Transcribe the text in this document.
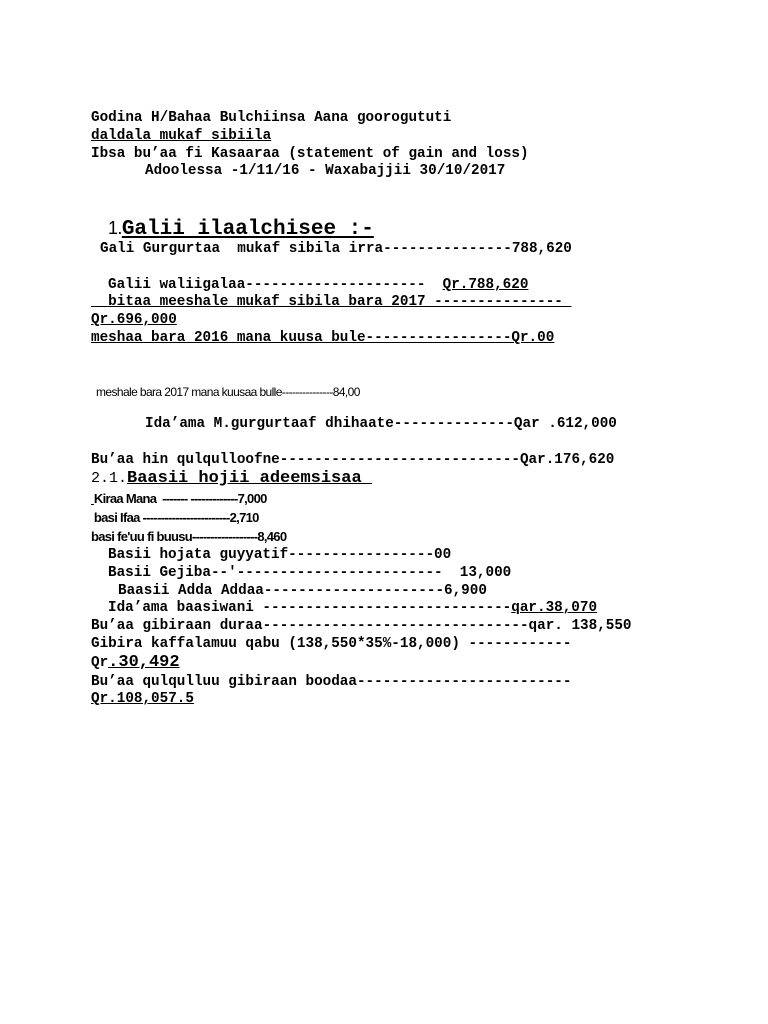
Godina H/Bahaa Bulchiinsa Aana goorogututi
daldala mukaf sibiila
Ibsa bu’aa fi Kasaaraa (statement of gain and loss)
Adoolessa -1/11/16 - Waxabajjii 30/10/2017
1.Galii ilaalchisee :-
Gali Gurgurtaa  mukaf sibila irra---------------788,620
Galii waliigalaa---------------------  Qr.788,620
bitaa meeshale mukaf sibila bara 2017 ---------------
Qr.696,000
meshaa bara 2016 mana kuusa bule-----------------Qr.00
meshale bara 2017 mana kuusaa bulle---------------84,00
Ida’ama M.gurgurtaaf dhihaate--------------Qar .612,000
Bu’aa hin qulqulloofne----------------------------Qar.176,620
2.1.Baasii hojii adeemsisaa
Kiraa Mana  ------- -------------7,000
basi Ifaa ------------------------2,710
basi fe'uu fi buusu------------------8,460
Basii hojata guyyatif-----------------00
Basii Gejiba--'------------------------  13,000
Baasii Adda Addaa---------------------6,900
Ida’ama baasiwani -----------------------------qar.38,070
Bu’aa gibiraan duraa-------------------------------qar. 138,550
Gibira kaffalamuu qabu (138,550*35%-18,000) ------------
Qr.30,492
Bu’aa qulqulluu gibiraan boodaa-------------------------
Qr.108,057.5
